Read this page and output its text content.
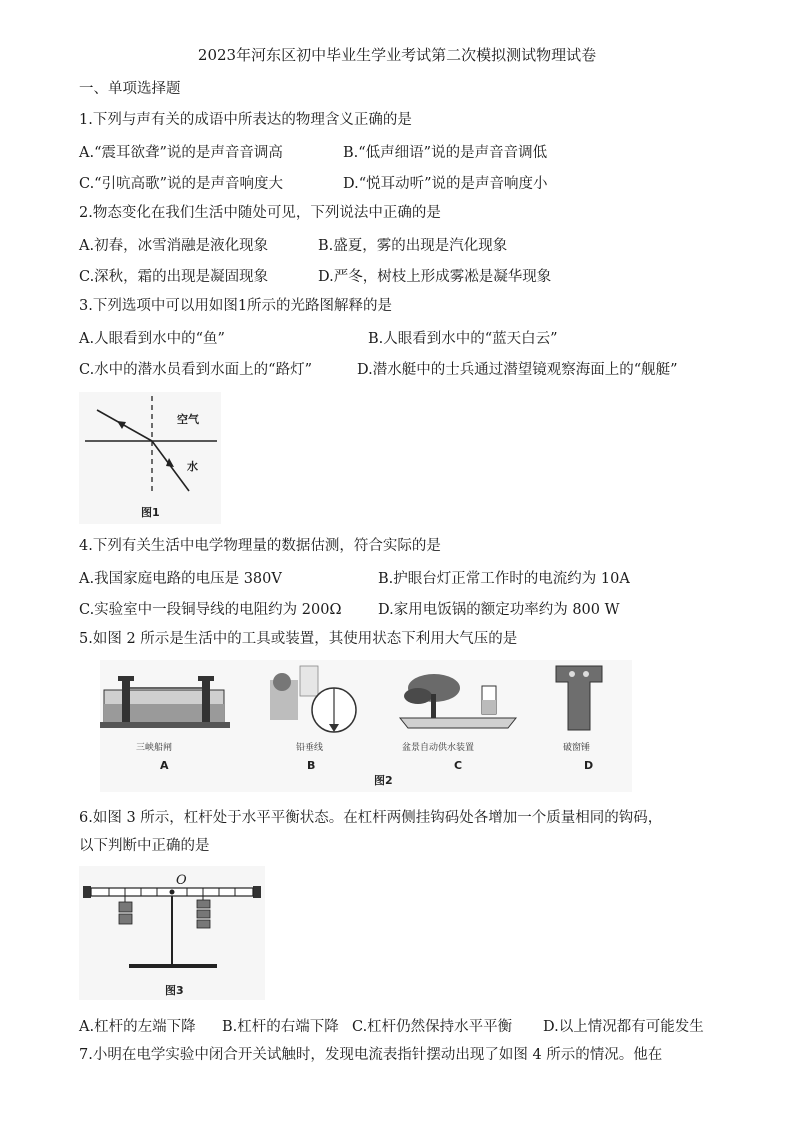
2023年河东区初中毕业生学业考试第二次模拟测试物理试卷
一、单项选择题
1.下列与声有关的成语中所表达的物理含义正确的是
A.“震耳欲聋”说的是声音音调高	B.“低声细语”说的是声音音调低
C.“引吭高歌”说的是声音响度大	D.“悦耳动听”说的是声音响度小
2.物态变化在我们生活中随处可见，下列说法中正确的是
A.初春，冰雪消融是液化现象	B.盛夏，雾的出现是汽化现象
C.深秋，霜的出现是凝固现象	D.严冬，树枝上形成雾凇是凝华现象
3.下列选项中可以用如图1所示的光路图解释的是
A.人眼看到水中的“鱼”	B.人眼看到水中的“蓝天白云”
C.水中的潜水员看到水面上的“路灯”	D.潜水艇中的士兵通过潜望镜观察海面上的“舰艇”
空气
水
图1
4.下列有关生活中电学物理量的数据估测，符合实际的是
A.我国家庭电路的电压是 380V	B.护眼台灯正常工作时的电流约为 10A
C.实验室中一段铜导线的电阻约为 200Ω	D.家用电饭锅的额定功率约为 800 W
5.如图 2 所示是生活中的工具或装置，其使用状态下利用大气压的是
三峡船闸
A
铅垂线
B
盆景自动供水装置
C
破窗锤
D
图2
6.如图 3 所示，杠杆处于水平平衡状态。在杠杆两侧挂钩码处各增加一个质量相同的钩码，
以下判断中正确的是
O
图3
A.杠杆的左端下降 B.杠杆的右端下降 C.杠杆仍然保持水平平衡 D.以上情况都有可能发生
7.小明在电学实验中闭合开关试触时，发现电流表指针摆动出现了如图 4 所示的情况。他在
